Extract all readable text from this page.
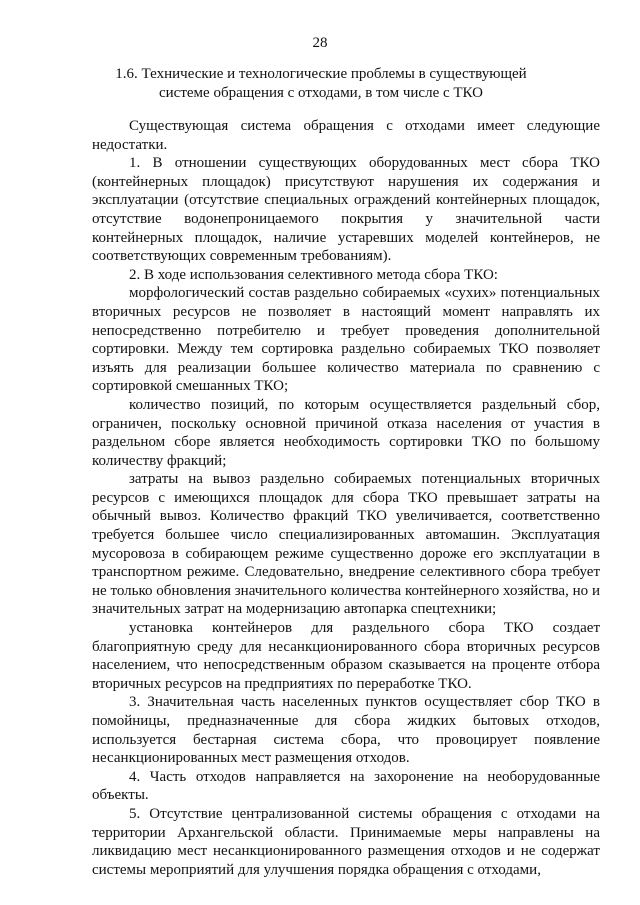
28
1.6. Технические и технологические проблемы в существующей системе обращения с отходами, в том числе с ТКО

Существующая система обращения с отходами имеет следующие недостатки.

1. В отношении существующих оборудованных мест сбора ТКО (контейнерных площадок) присутствуют нарушения их содержания и эксплуатации (отсутствие специальных ограждений контейнерных площадок, отсутствие водонепроницаемого покрытия у значительной части контейнерных площадок, наличие устаревших моделей контейнеров, не соответствующих современным требованиям).

2. В ходе использования селективного метода сбора ТКО:

морфологический состав раздельно собираемых «сухих» потенциальных вторичных ресурсов не позволяет в настоящий момент направлять их непосредственно потребителю и требует проведения дополнительной сортировки. Между тем сортировка раздельно собираемых ТКО позволяет изъять для реализации большее количество материала по сравнению с сортировкой смешанных ТКО;

количество позиций, по которым осуществляется раздельный сбор, ограничен, поскольку основной причиной отказа населения от участия в раздельном сборе является необходимость сортировки ТКО по большому количеству фракций;

затраты на вывоз раздельно собираемых потенциальных вторичных ресурсов с имеющихся площадок для сбора ТКО превышает затраты на обычный вывоз. Количество фракций ТКО увеличивается, соответственно требуется большее число специализированных автомашин. Эксплуатация мусоровоза в собирающем режиме существенно дороже его эксплуатации в транспортном режиме. Следовательно, внедрение селективного сбора требует не только обновления значительного количества контейнерного хозяйства, но и значительных затрат на модернизацию автопарка спецтехники;

установка контейнеров для раздельного сбора ТКО создает благоприятную среду для несанкционированного сбора вторичных ресурсов населением, что непосредственным образом сказывается на проценте отбора вторичных ресурсов на предприятиях по переработке ТКО.

3. Значительная часть населенных пунктов осуществляет сбор ТКО в помойницы, предназначенные для сбора жидких бытовых отходов, используется бестарная система сбора, что провоцирует появление несанкционированных мест размещения отходов.

4. Часть отходов направляется на захоронение на необорудованные объекты.

5. Отсутствие централизованной системы обращения с отходами на территории Архангельской области. Принимаемые меры направлены на ликвидацию мест несанкционированного размещения отходов и не содержат системы мероприятий для улучшения порядка обращения с отходами,
